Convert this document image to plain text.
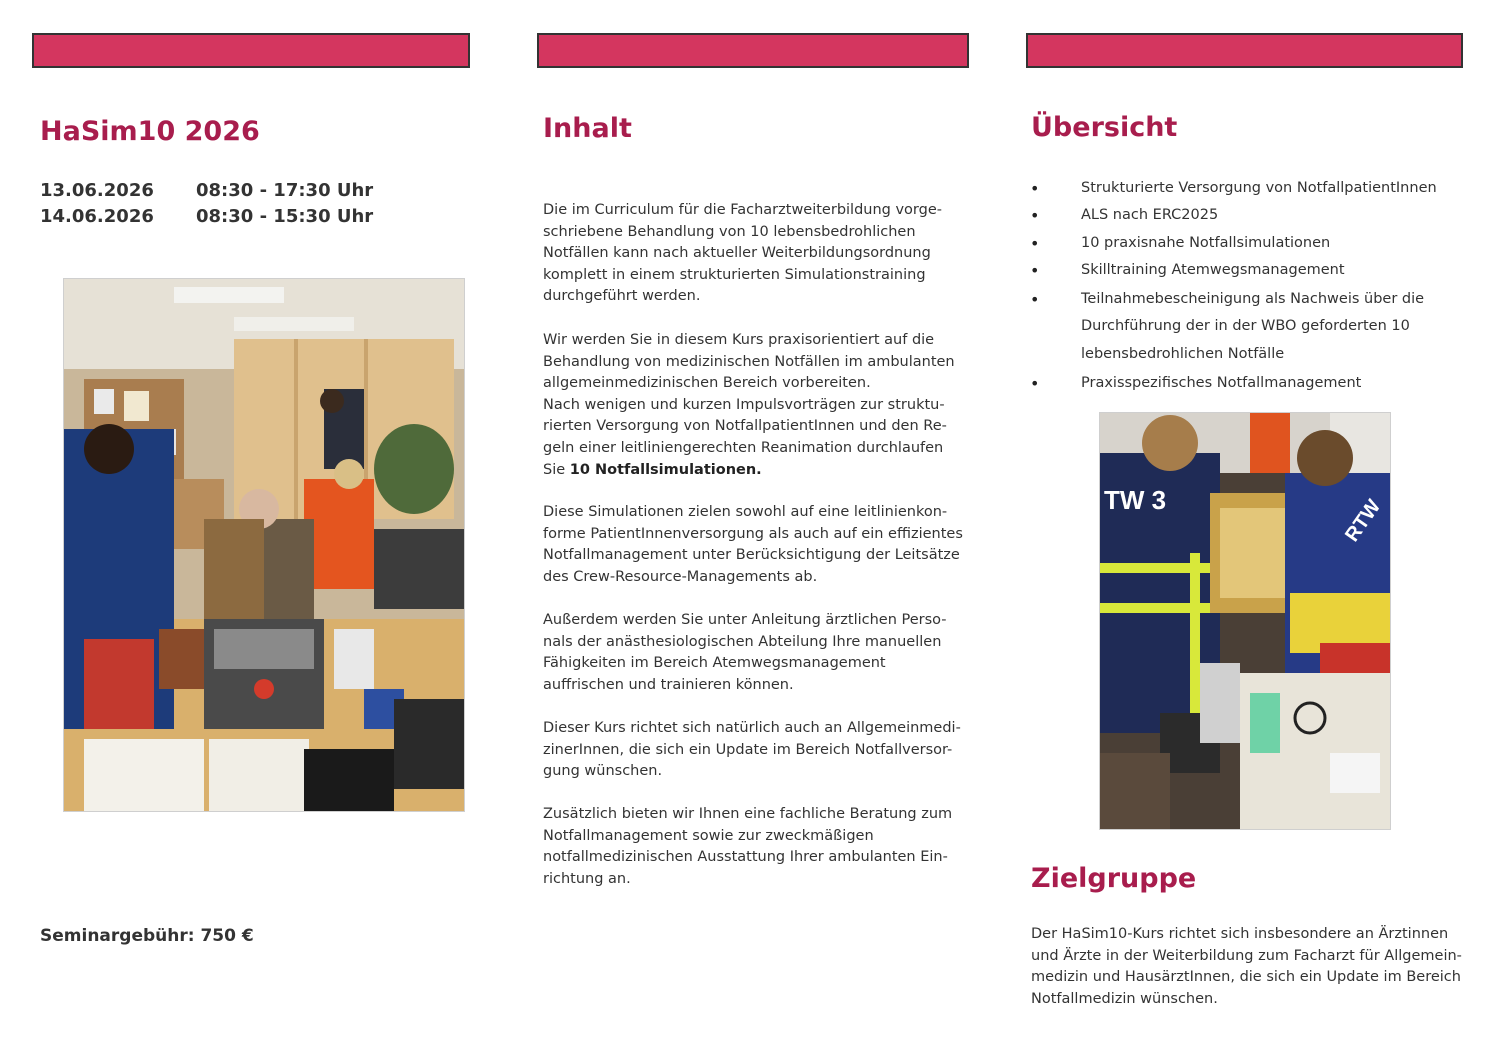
HaSim10 2026
13.06.2026 08:30 - 17:30 Uhr
14.06.2026 08:30 - 15:30 Uhr
Seminargebühr: 750 €
Inhalt

Die im Curriculum für die Facharztweiterbildung vorge-
schriebene Behandlung von 10 lebensbedrohlichen
Notfällen kann nach aktueller Weiterbildungsordnung
komplett in einem strukturierten Simulationstraining
durchgeführt werden.

Wir werden Sie in diesem Kurs praxisorientiert auf die
Behandlung von medizinischen Notfällen im ambulanten
allgemeinmedizinischen Bereich vorbereiten.
Nach wenigen und kurzen Impulsvorträgen zur struktu-
rierten Versorgung von NotfallpatientInnen und den Re-
geln einer leitliniengerechten Reanimation durchlaufen
Sie 10 Notfallsimulationen.

Diese Simulationen zielen sowohl auf eine leitlinienkon-
forme PatientInnenversorgung als auch auf ein effizientes
Notfallmanagement unter Berücksichtigung der Leitsätze
des Crew-Resource-Managements ab.

Außerdem werden Sie unter Anleitung ärztlichen Perso-
nals der anästhesiologischen Abteilung Ihre manuellen
Fähigkeiten im Bereich Atemwegsmanagement
auffrischen und trainieren können.

Dieser Kurs richtet sich natürlich auch an Allgemeinmedi-
zinerInnen, die sich ein Update im Bereich Notfallversor-
gung wünschen.

Zusätzlich bieten wir Ihnen eine fachliche Beratung zum
Notfallmanagement sowie zur zweckmäßigen
notfallmedizinischen Ausstattung Ihrer ambulanten Ein-
richtung an.

Übersicht
• Strukturierte Versorgung von NotfallpatientInnen
• ALS nach ERC2025
• 10 praxisnahe Notfallsimulationen
• Skilltraining Atemwegsmanagement
• Teilnahmebescheinigung als Nachweis über die
Durchführung der in der WBO geforderten 10
lebensbedrohlichen Notfälle
• Praxisspezifisches Notfallmanagement
TW 3	RTW
Zielgruppe

Der HaSim10-Kurs richtet sich insbesondere an Ärztinnen
und Ärzte in der Weiterbildung zum Facharzt für Allgemein-
medizin und HausärztInnen, die sich ein Update im Bereich
Notfallmedizin wünschen.
